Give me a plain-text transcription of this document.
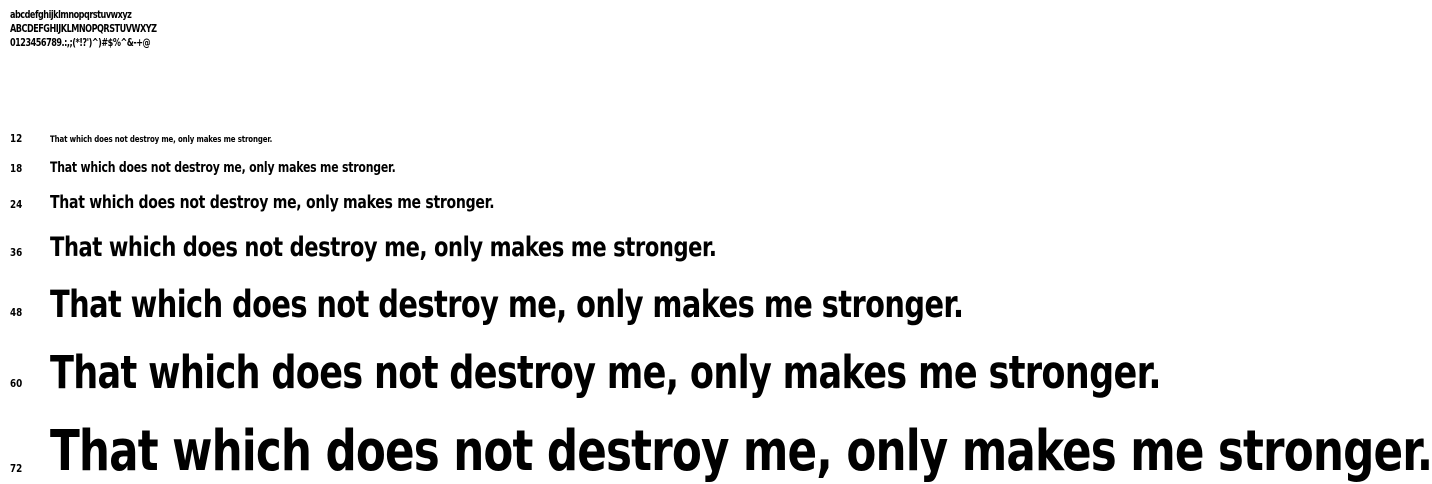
abcdefghijklmnopqrstuvwxyz
ABCDEFGHIJKLMNOPQRSTUVWXYZ
0123456789.:,;(*!?')^)#$%^&-+@
12	That which does not destroy me, only makes me stronger.
18 That which does not destroy me, only makes me stronger.
24 That which does not destroy me, only makes me stronger.
36 That which does not destroy me, only makes me stronger.
48 That which does not destroy me, only makes me stronger.
60 That which does not destroy me, only makes me stronger.
72 That which does not destroy me, only makes me stronger.
